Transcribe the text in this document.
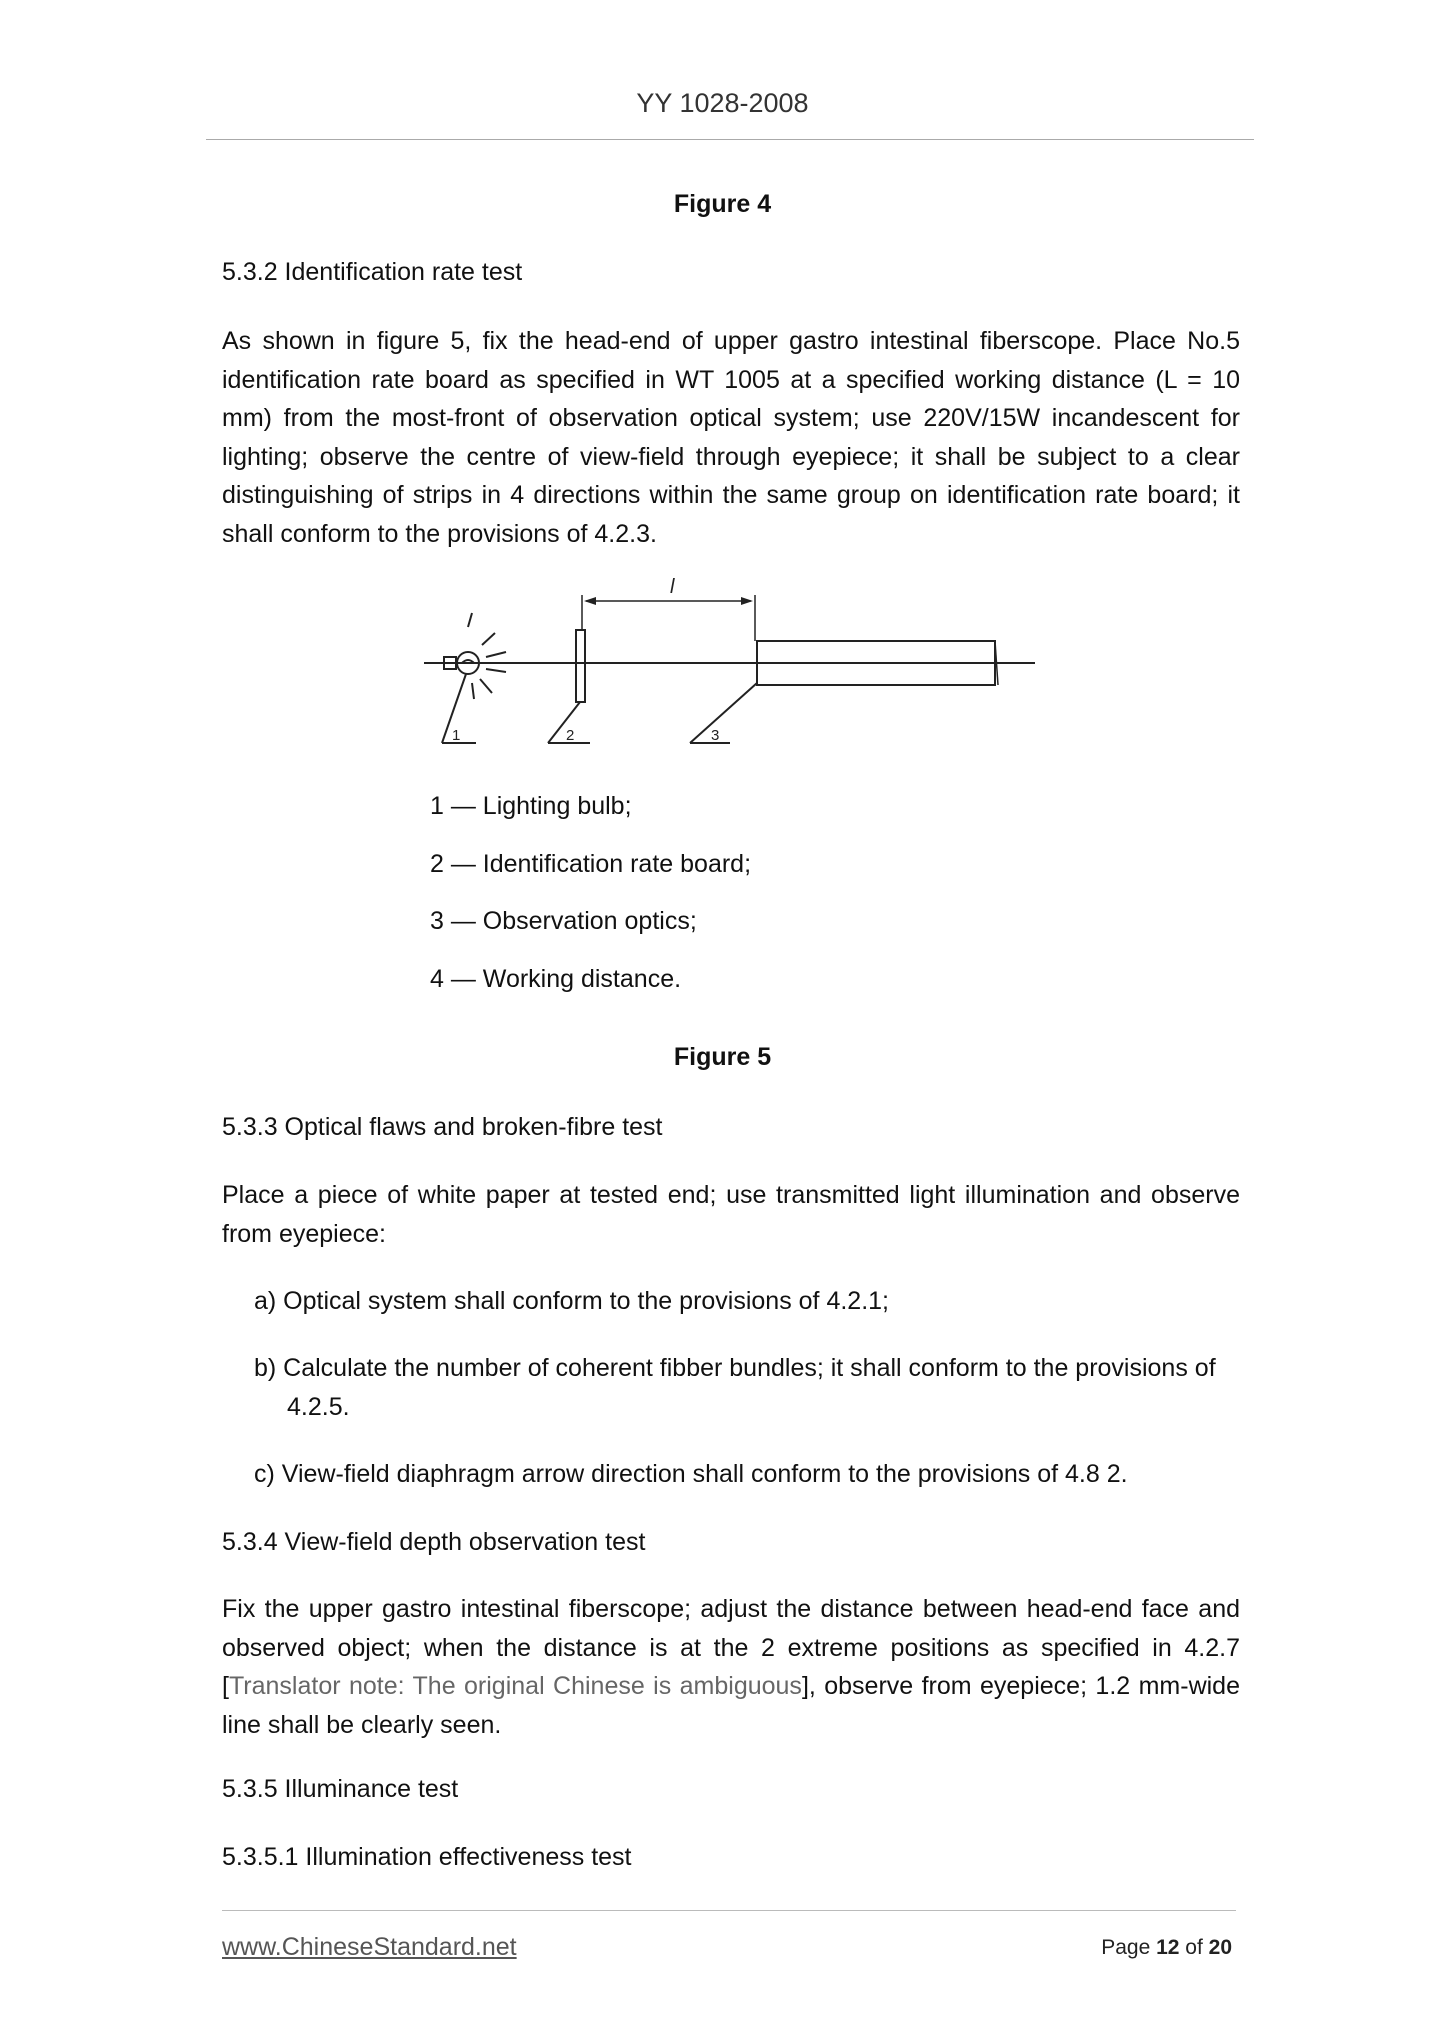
YY 1028-2008
Figure 4
5.3.2 Identification rate test
As shown in figure 5, fix the head-end of upper gastro intestinal fiberscope. Place No.5 identification rate board as specified in WT 1005 at a specified working distance (L = 10 mm) from the most-front of observation optical system; use 220V/15W incandescent for lighting; observe the centre of view-field through eyepiece; it shall be subject to a clear distinguishing of strips in 4 directions within the same group on identification rate board; it shall conform to the provisions of 4.2.3.
l
1	2	3
1 — Lighting bulb;
2 — Identification rate board;
3 — Observation optics;
4 — Working distance.
Figure 5
5.3.3 Optical flaws and broken-fibre test
Place a piece of white paper at tested end; use transmitted light illumination and observe from eyepiece:
a) Optical system shall conform to the provisions of 4.2.1;
b) Calculate the number of coherent fibber bundles; it shall conform to the provisions of
4.2.5.
c) View-field diaphragm arrow direction shall conform to the provisions of 4.8 2.
5.3.4 View-field depth observation test
Fix the upper gastro intestinal fiberscope; adjust the distance between head-end face and observed object; when the distance is at the 2 extreme positions as specified in 4.2.7 [Translator note: The original Chinese is ambiguous], observe from eyepiece; 1.2 mm-wide line shall be clearly seen.
5.3.5 Illuminance test
5.3.5.1 Illumination effectiveness test
www.ChineseStandard.net	Page 12 of 20
